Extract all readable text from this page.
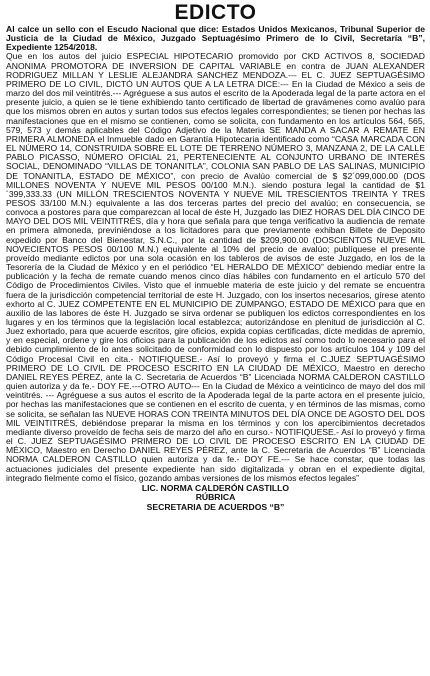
EDICTO

Al calce un sello con el Escudo Nacional que dice: Estados Unidos Mexicanos, Tribunal Superior de Justicia de la Ciudad de México, Juzgado Septuagésimo Primero de lo Civil, Secretaría “B”, Expediente 1254/2018.

Que en los autos del juicio ESPECIAL HIPOTECARIO promovido por CKD ACTIVOS 8, SOCIEDAD ANONIMA PROMOTORA DE INVERSION DE CAPITAL VARIABLE en contra de JUAN ALEXANDER RODRIGUEZ MILLAN Y LESLIE ALEJANDRA SANCHEZ MENDOZA.--- EL C. JUEZ SEPTUAGÉSIMO PRIMERO DE LO CIVIL, DICTÓ UN AUTOS QUE A LA LETRA DICE:--- En la Ciudad de México a seis de marzo del dos mil veintitrés.--- Agréguese a sus autos el escrito de la Apoderada legal de la parte actora en el presente juicio, a quien se le tiene exhibiendo tanto certificado de libertad de gravámenes como avalúo para que los mismos obren en autos y surtan todos sus efectos legales correspondientes; se tienen por hechas las manifestaciones que en el mismo se contienen, como se solicita, con fundamento en los artículos 564, 565, 579, 573 y demás aplicables del Código Adjetivo de la Materia SE MANDA A SACAR A REMATE EN PRIMERA ALMONEDA el Inmueble dado en Garantía Hipotecaria identificado como “CASA MARCADA CON EL NÚMERO 14, CONSTRUIDA SOBRE EL LOTE DE TERRENO NÚMERO 3, MANZANA 2, DE LA CALLE PABLO PICASSO, NÚMERO OFICIAL 21, PERTENECIENTE AL CONJUNTO URBANO DE INTERÉS SOCIAL, DENOMINADO “VILLAS DE TONANITLA”, COLONIA SAN PABLO DE LAS SALINAS, MUNICIPIO DE TONANITLA, ESTADO DE MÉXICO”, con precio de Avalúo comercial de $ $2´099,000.00 (DOS MILLONES NOVENTA Y NUEVE MIL PESOS 00/100 M.N.). siendo postura legal la cantidad de $1´399,333.33 (UN MILLÓN TRESCIENTOS NOVENTA Y NUEVE MIL TRESCIENTOS TREINTA Y TRES PESOS 33/100 M.N.) equivalente a las dos terceras partes del precio del avalúo; en consecuencia, se convoca a postores para que comparezcan al local de éste H, Juzgado las DIEZ HORAS DEL DÍA CINCO DE MAYO DEL DOS MIL VEINTITRÉS, día y hora que señala para que tenga verificativo la audiencia de remate en primera almoneda, previniéndose a los licitadores para que previamente exhiban Billete de Deposito expedido por Banco del Bienestar, S.N.C., por la cantidad de $209,900.00 (DOSCIENTOS NUEVE MIL NOVECIENTOS PESOS 00/100 M.N.) equivalente al 10% del precio de avalúo; publíquese el presente proveído mediante edictos por una sola ocasión en los tableros de avisos de este Juzgado, en los de la Tesorería de la Ciudad de México y en el periódico “EL HERALDO DE MÉXICO” debiendo mediar entre la publicación y la fecha de remate cuando menos cinco días hábiles con fundamento en el artículo 570 del Código de Procedimientos Civiles. Visto que el inmueble materia de este juicio y del remate se encuentra fuera de la jurisdicción competencial territorial de este H. Juzgado, con los insertos necesarios, gírese atento exhorto al C. JUEZ COMPETENTE EN EL MUNICIPIO DE ZUMPANGO, ESTADO DE MÉXICO para que en auxilio de las labores de éste H. Juzgado se sirva ordenar se publiquen los edictos correspondientes en los lugares y en los términos que la legislación local establezca; autorizándose en plenitud de jurisdicción al C. Juez exhortado, para que acuerde escritos, gire oficios, expida copias certificadas, dicte medidas de apremio, y en especial, ordene y gire los oficios para la publicación de los edictos así como todo lo necesario para el debido cumplimiento de lo antes solicitado de conformidad con lo dispuesto por los artículos 104 y 109 del Código Procesal Civil en cita.- NOTIFIQUESE.- Así lo proveyó y firma el C.JUEZ SEPTUAGÉSIMO PRIMERO DE LO CIVIL DE PROCESO ESCRITO EN LA CIUDAD DE MÉXICO, Maestro en derecho DANIEL REYES PÉREZ, ante la C. Secretaria de Acuerdos “B” Licenciada NORMA CALDERON CASTILLO quien autoriza y da fe.- DOY FE.---OTRO AUTO--- En la Ciudad de México a veinticinco de mayo del dos mil veintitrés. --- Agréguese a sus autos el escrito de la Apoderada legal de la parte actora en el presente juicio, por hechas las manifestaciones que se contienen en el escrito de cuenta, y en términos de las mismas, como se solicita, se señalan las NUEVE HORAS CON TREINTA MINUTOS DEL DÍA ONCE DE AGOSTO DEL DOS MIL VEINTITRÉS, debiéndose preparar la misma en los términos y con los apercibimientos decretados mediante diverso proveído de fecha seis de marzo del año en curso.- NOTIFIQUESE.- Así lo proveyó y firma el C. JUEZ SEPTUAGÉSIMO PRIMERO DE LO CIVIL DE PROCESO ESCRITO EN LA CIUDAD DE MÉXICO, Maestro en Derecho DANIEL REYES PÉREZ, ante la C. Secretaria de Acuerdos “B” Licenciada NORMA CALDERON CASTILLO quien autoriza y da fe.- DOY FE.--- Se hace constar, que todas las actuaciones judiciales del presente expediente han sido digitalizada y obran en el expediente digital, integrado fielmente como el físico, gozando ambas versiones de los mismos efectos legales”

LIC. NORMA CALDERÓN CASTILLO
RÚBRICA
SECRETARIA DE ACUERDOS “B”
